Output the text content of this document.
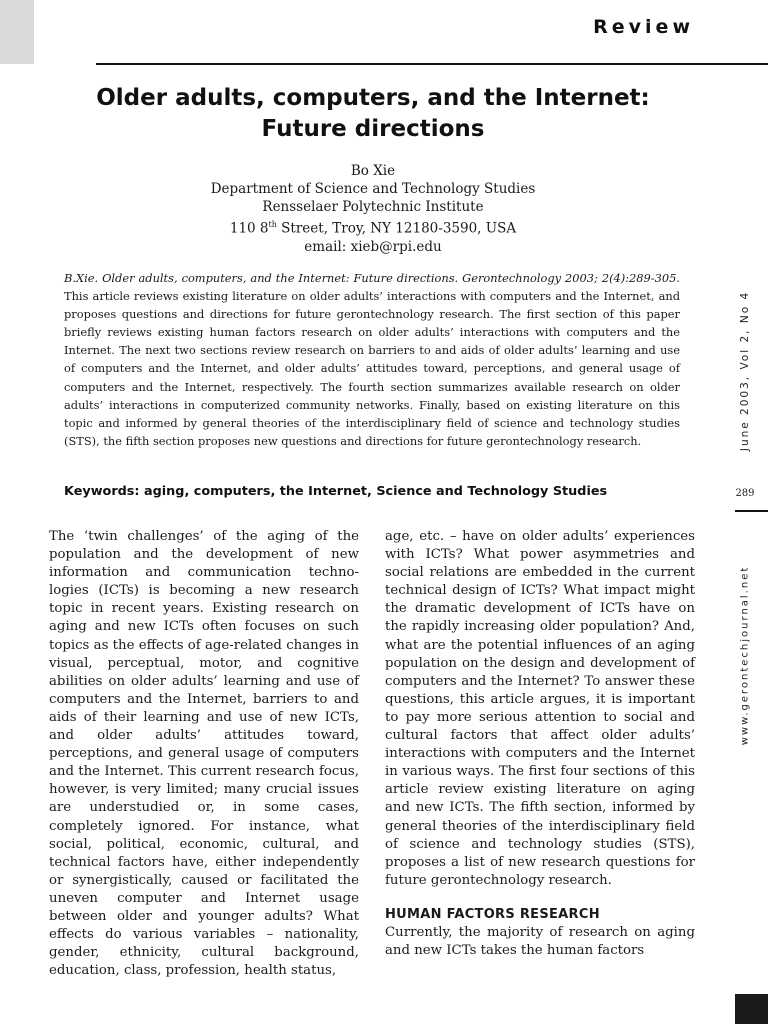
Review
Older adults, computers, and the Internet:
Future directions
Bo Xie
Department of Science and Technology Studies
Rensselaer Polytechnic Institute
110 8th Street, Troy, NY 12180-3590, USA
email: xieb@rpi.edu
B.Xie. Older adults, computers, and the Internet: Future directions. Gerontechnology 2003; 2(4):289-305. This article reviews existing literature on older adults’ interactions with computers and the Internet, and proposes questions and directions for future gerontechnology research. The first section of this paper briefly reviews existing human factors research on older adults’ interactions with computers and the Internet. The next two sections review research on barriers to and aids of older adults’ learning and use of computers and the Internet, and older adults’ attitudes toward, perceptions, and general usage of computers and the Internet, respectively. The fourth section summarizes available research on older adults’ interactions in computerized community networks. Finally, based on existing literature on this topic and informed by general theories of the interdisciplinary field of science and technology studies (STS), the fifth section proposes new questions and directions for future gerontechnology research.
Keywords: aging, computers, the Internet, Science and Technology Studies

The ‘twin challenges’ of the aging of the population and the development of new information and communication techno-logies (ICTs) is becoming a new research topic in recent years. Existing research on aging and new ICTs often focuses on such topics as the effects of age-related changes in visual, perceptual, motor, and cognitive abilities on older adults’ learning and use of computers and the Internet, barriers to and aids of their learning and use of new ICTs, and older adults’ attitudes toward, perceptions, and general usage of computers and the Internet. This current research focus, however, is very limited; many crucial issues are understudied or, in some cases, completely ignored. For instance, what social, political, economic, cultural, and technical factors have, either independently or synergistically, caused or facilitated the uneven computer and Internet usage between older and younger adults? What effects do various variables – nationality, gender, ethnicity, cultural background, education, class, profession, health status,

age, etc. – have on older adults’ experiences with ICTs? What power asymmetries and social relations are embedded in the current technical design of ICTs? What impact might the dramatic development of ICTs have on the rapidly increasing older population? And, what are the potential influences of an aging population on the design and development of computers and the Internet? To answer these questions, this article argues, it is important to pay more serious attention to social and cultural factors that affect older adults’ interactions with computers and the Internet in various ways. The first four sections of this article review existing literature on aging and new ICTs. The fifth section, informed by general theories of the interdisciplinary field of science and technology studies (STS), proposes a list of new research questions for future gerontechnology research.

HUMAN FACTORS RESEARCH

Currently, the majority of research on aging and new ICTs takes the human factors

June 2003, Vol 2, No 4
289
www.gerontechjournal.net
